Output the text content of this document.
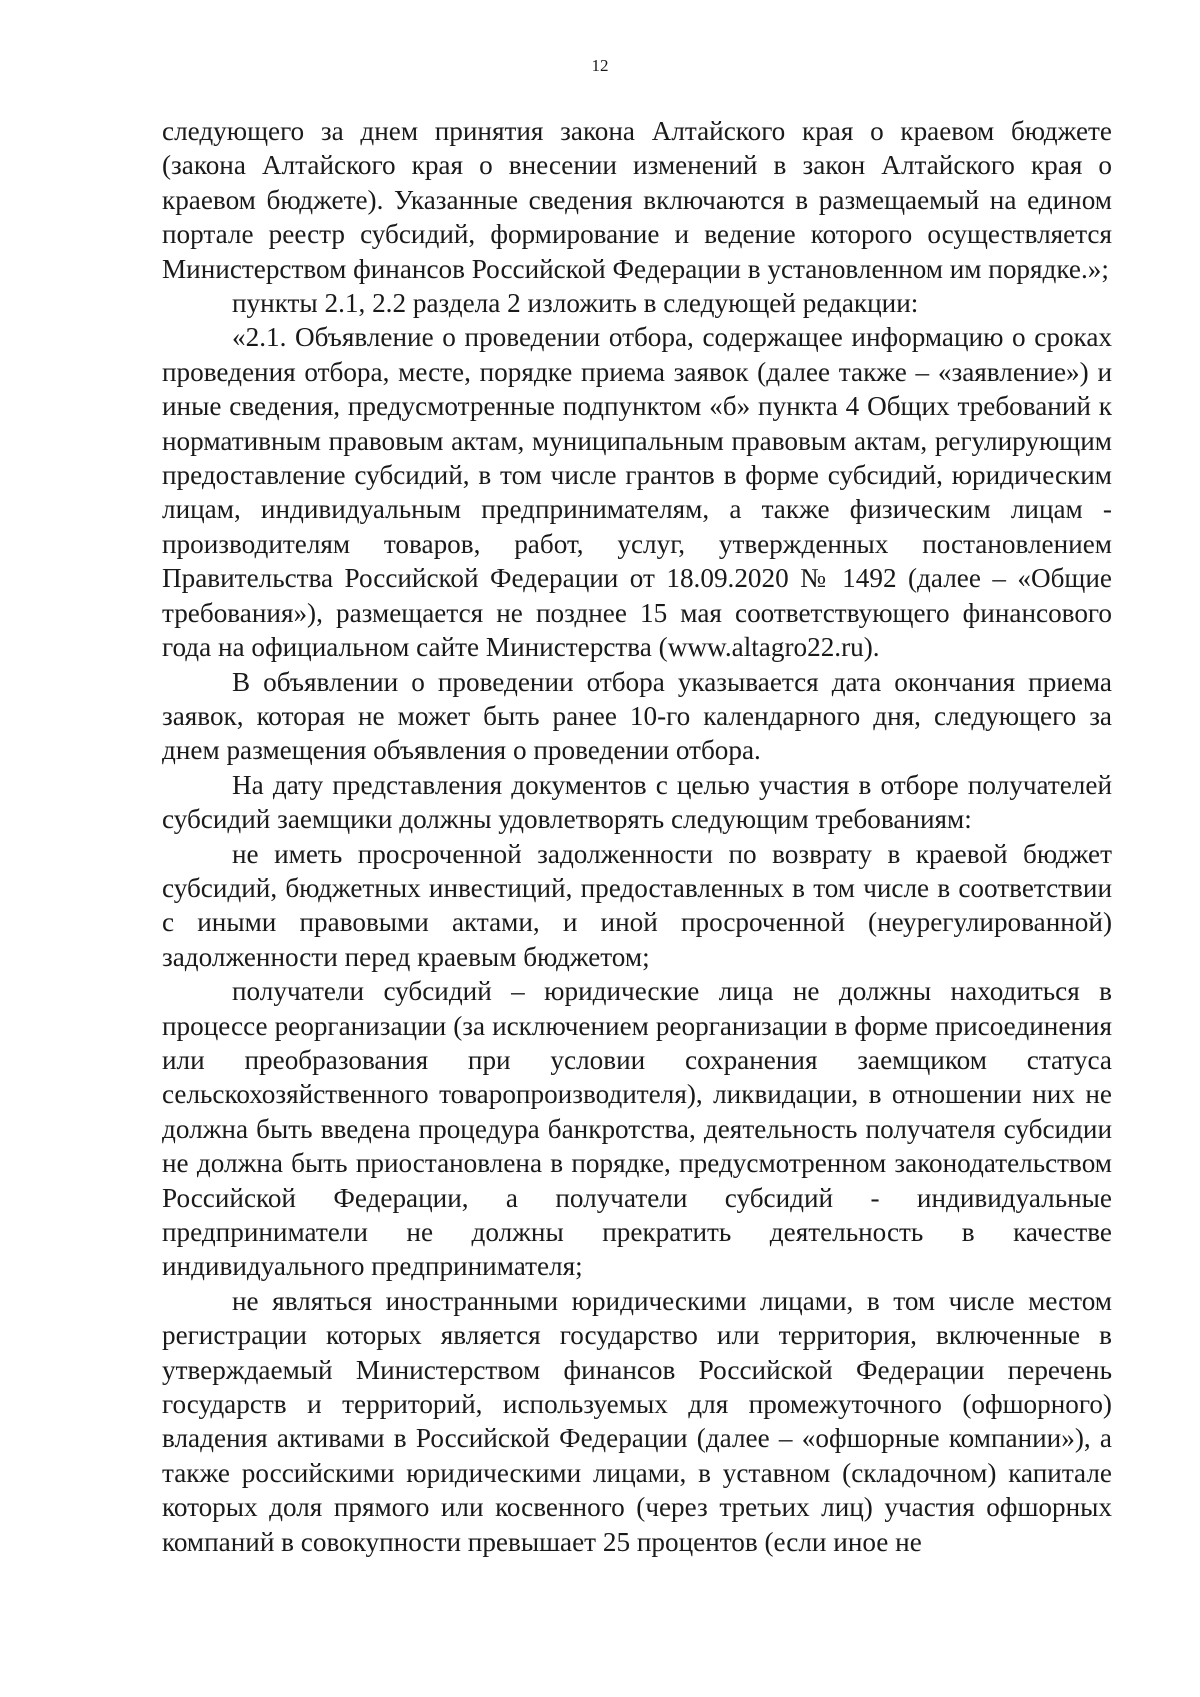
12

следующего за днем принятия закона Алтайского края о краевом бюджете (закона Алтайского края о внесении изменений в закон Алтайского края о краевом бюджете). Указанные сведения включаются в размещаемый на едином портале реестр субсидий, формирование и ведение которого осуществляется Министерством финансов Российской Федерации в установленном им порядке.»;

пункты 2.1, 2.2 раздела 2 изложить в следующей редакции:

«2.1. Объявление о проведении отбора, содержащее информацию о сроках проведения отбора, месте, порядке приема заявок (далее также – «заявление») и иные сведения, предусмотренные подпунктом «б» пункта 4 Общих требований к нормативным правовым актам, муниципальным правовым актам, регулирующим предоставление субсидий, в том числе грантов в форме субсидий, юридическим лицам, индивидуальным предпринимателям, а также физическим лицам - производителям товаров, работ, услуг, утвержденных постановлением Правительства Российской Федерации от 18.09.2020 № 1492 (далее – «Общие требования»), размещается не позднее 15 мая соответствующего финансового года на официальном сайте Министерства (www.altagro22.ru).

В объявлении о проведении отбора указывается дата окончания приема заявок, которая не может быть ранее 10-го календарного дня, следующего за днем размещения объявления о проведении отбора.

На дату представления документов с целью участия в отборе получателей субсидий заемщики должны удовлетворять следующим требованиям:

не иметь просроченной задолженности по возврату в краевой бюджет субсидий, бюджетных инвестиций, предоставленных в том числе в соответствии с иными правовыми актами, и иной просроченной (неурегулированной) задолженности перед краевым бюджетом;

получатели субсидий – юридические лица не должны находиться в процессе реорганизации (за исключением реорганизации в форме присоединения или преобразования при условии сохранения заемщиком статуса сельскохозяйственного товаропроизводителя), ликвидации, в отношении них не должна быть введена процедура банкротства, деятельность получателя субсидии не должна быть приостановлена в порядке, предусмотренном законодательством Российской Федерации, а получатели субсидий - индивидуальные предприниматели не должны прекратить деятельность в качестве индивидуального предпринимателя;

не являться иностранными юридическими лицами, в том числе местом регистрации которых является государство или территория, включенные в утверждаемый Министерством финансов Российской Федерации перечень государств и территорий, используемых для промежуточного (офшорного) владения активами в Российской Федерации (далее – «офшорные компании»), а также российскими юридическими лицами, в уставном (складочном) капитале которых доля прямого или косвенного (через третьих лиц) участия офшорных компаний в совокупности превышает 25 процентов (если иное не
